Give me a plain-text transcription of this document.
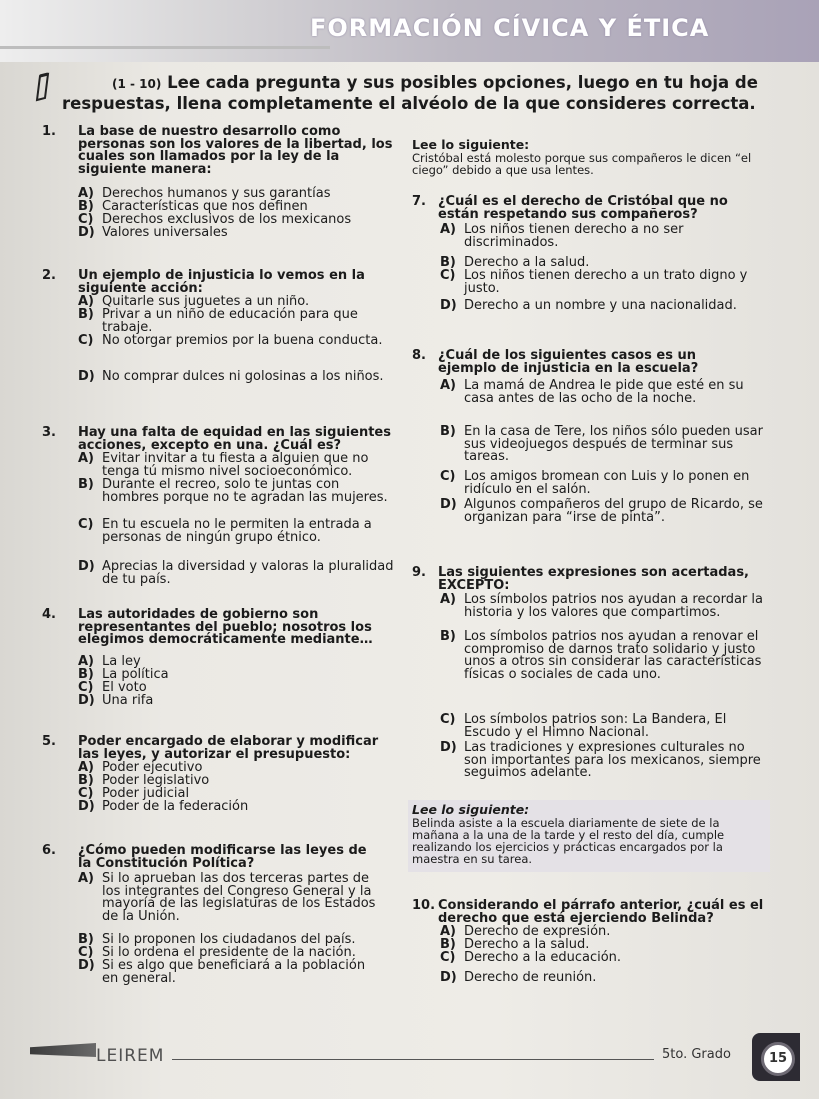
FORMACIÓN CÍVICA Y ÉTICA
(1 - 10) Lee cada pregunta y sus posibles opciones, luego en tu hoja de respuestas, llena completamente el alvéolo de la que consideres correcta.
1. La base de nuestro desarrollo como personas son los valores de la libertad, los cuales son llamados por la ley de la siguiente manera:
2. Un ejemplo de injusticia lo vemos en la siguiente acción:
3. Hay una falta de equidad en las siguientes acciones, excepto en una. ¿Cuál es?
4. Las autoridades de gobierno son representantes del pueblo; nosotros los elegimos democráticamente mediante…
5. Poder encargado de elaborar y modificar las leyes, y autorizar el presupuesto:
6. ¿Cómo pueden modificarse las leyes de la Constitución Política?
Lee lo siguiente:
Cristóbal está molesto porque sus compañeros le dicen “el ciego” debido a que usa lentes.
7. ¿Cuál es el derecho de Cristóbal que no están respetando sus compañeros?
8. ¿Cuál de los siguientes casos es un ejemplo de injusticia en la escuela?
9. Las siguientes expresiones son acertadas, EXCEPTO:
Lee lo siguiente:
Belinda asiste a la escuela diariamente de siete de la mañana a la una de la tarde y el resto del día, cumple realizando los ejercicios y prácticas encargados por la maestra en su tarea.
10. Considerando el párrafo anterior, ¿cuál es el derecho que está ejerciendo Belinda?
A) Derechos humanos y sus garantías
B) Características que nos definen
C) Derechos exclusivos de los mexicanos
D) Valores universales
A) Quitarle sus juguetes a un niño.
B) Privar a un niño de educación para que trabaje.
C) No otorgar premios por la buena conducta.
D) No comprar dulces ni golosinas a los niños.
A) Evitar invitar a tu fiesta a alguien que no tenga tú mismo nivel socioeconómico.
B) Durante el recreo, solo te juntas con hombres porque no te agradan las mujeres.
C) En tu escuela no le permiten la entrada a personas de ningún grupo étnico.
D) Aprecias la diversidad y valoras la pluralidad de tu país.
A) La ley
B) La política
C) El voto
D) Una rifa
A) Poder ejecutivo
B) Poder legislativo
C) Poder judicial
D) Poder de la federación
A) Si lo aprueban las dos terceras partes de los integrantes del Congreso General y la mayoría de las legislaturas de los Estados de la Unión.
B) Si lo proponen los ciudadanos del país.
C) Si lo ordena el presidente de la nación.
D) Si es algo que beneficiará a la población en general.
A) Los niños tienen derecho a no ser discriminados.
B) Derecho a la salud.
C) Los niños tienen derecho a un trato digno y justo.
D) Derecho a un nombre y una nacionalidad.
A) La mamá de Andrea le pide que esté en su casa antes de las ocho de la noche.
B) En la casa de Tere, los niños sólo pueden usar sus videojuegos después de terminar sus tareas.
C) Los amigos bromean con Luis y lo ponen en ridículo en el salón.
D) Algunos compañeros del grupo de Ricardo, se organizan para “irse de pinta”.
A) Los símbolos patrios nos ayudan a recordar la historia y los valores que compartimos.
B) Los símbolos patrios nos ayudan a renovar el compromiso de darnos trato solidario y justo unos a otros sin considerar las características físicas o sociales de cada uno.
C) Los símbolos patrios son: La Bandera, El Escudo y el Himno Nacional.
D) Las tradiciones y expresiones culturales no son importantes para los mexicanos, siempre seguimos adelante.
A) Derecho de expresión.
B) Derecho a la salud.
C) Derecho a la educación.
D) Derecho de reunión.
LEIREM	5to. Grado	15
